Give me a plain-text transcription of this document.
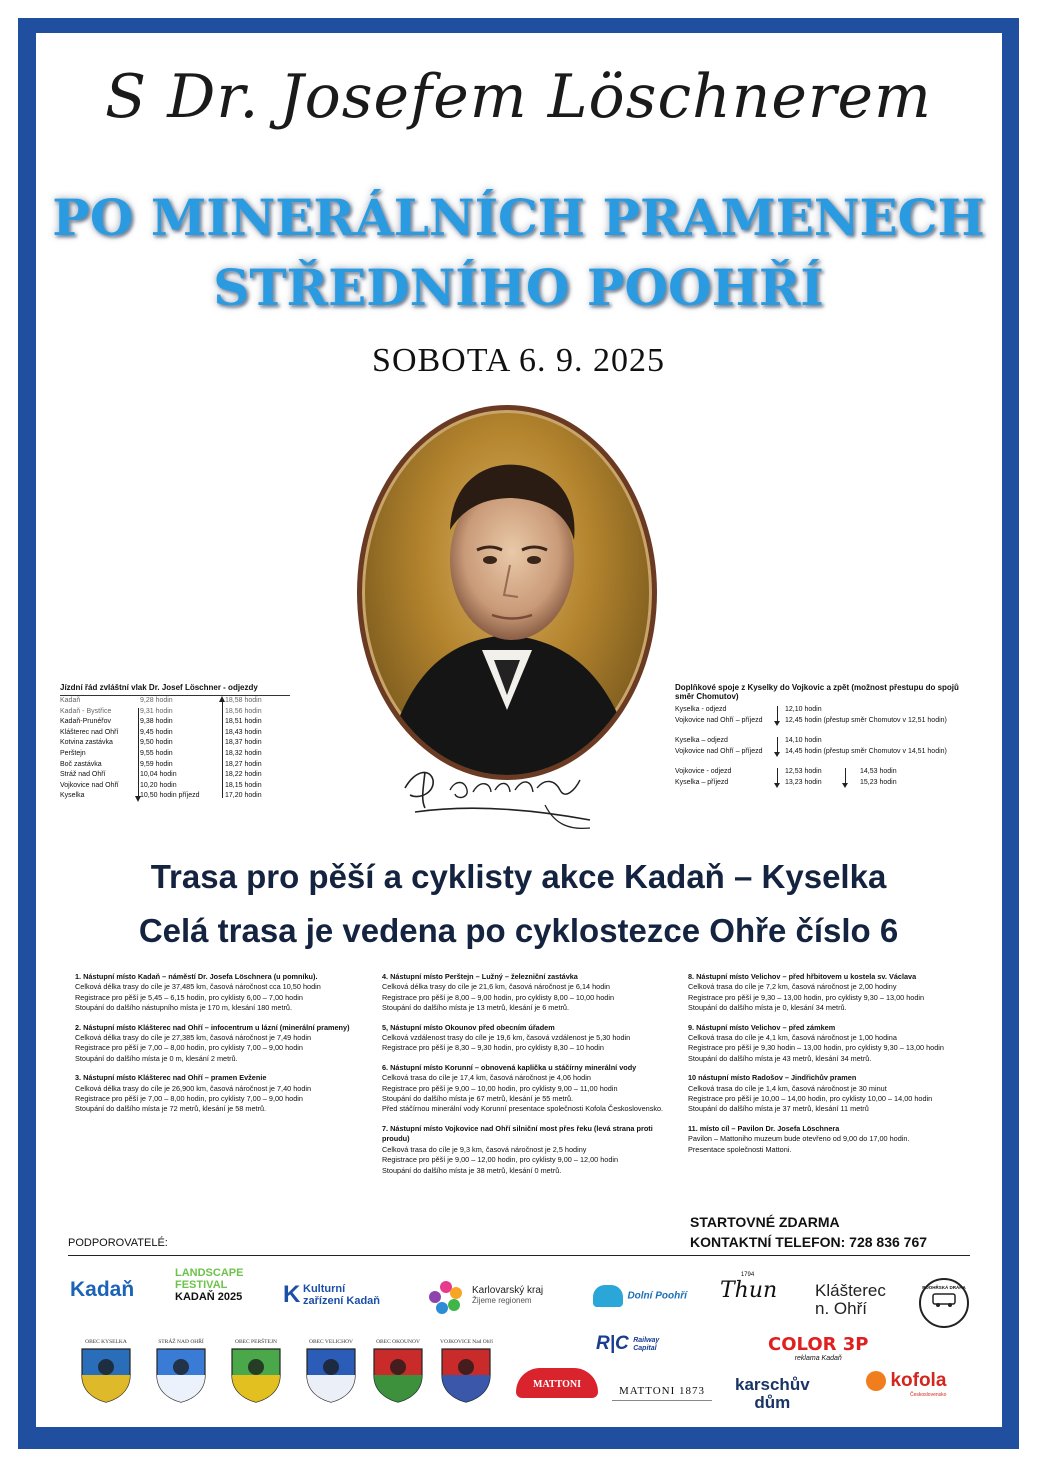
S Dr. Josefem Löschnerem
PO MINERÁLNÍCH PRAMENECH
STŘEDNÍHO POOHŘÍ
SOBOTA 6. 9. 2025
Jízdní řád zvláštní vlak Dr. Josef Löschner - odjezdy
Kadaň	9,28 hodin	18,58 hodin
Kadaň - Bystřice	9,31 hodin	18,56 hodin
Kadaň-Prunéřov	9,38 hodin	18,51 hodin
Klášterec nad Ohří	9,45 hodin	18,43 hodin
Kotvina zastávka	9,50 hodin	18,37 hodin
Perštejn	9,55 hodin	18,32 hodin
Boč zastávka	9,59 hodin	18,27 hodin
Stráž nad Ohří	10,04 hodin	18,22 hodin
Vojkovice nad Ohří	10,20 hodin	18,15 hodin
Kyselka	10,50 hodin příjezd	17,20 hodin
Doplňkové spoje z Kyselky do Vojkovic a zpět (možnost přestupu do spojů směr Chomutov)
Kyselka - odjezd	12,10 hodin
Vojkovice nad Ohří – příjezd	12,45 hodin (přestup směr Chomutov v 12,51 hodin)
Kyselka – odjezd	14,10 hodin
Vojkovice nad Ohří – příjezd	14,45 hodin (přestup směr Chomutov v 14,51 hodin)
Vojkovice - odjezd	12,53 hodin	14,53 hodin
Kyselka – příjezd	13,23 hodin	15,23 hodin
Trasa pro pěší a cyklisty akce Kadaň – Kyselka
Celá trasa je vedena po cyklostezce Ohře číslo 6
1. Nástupní místo Kadaň – náměstí Dr. Josefa Löschnera (u pomníku).
Celková délka trasy do cíle je 37,485 km, časová náročnost cca 10,50 hodin
Registrace pro pěší je 5,45 – 6,15 hodin, pro cyklisty 6,00 – 7,00 hodin
Stoupání do dalšího nástupního místa je 170 m, klesání 180 metrů.
2. Nástupní místo Klášterec nad Ohří – infocentrum u lázní (minerální prameny)
Celková délka trasy do cíle je 27,385 km, časová náročnost je 7,49 hodin
Registrace pro pěší je 7,00 – 8,00 hodin, pro cyklisty 7,00 – 9,00 hodin
Stoupání do dalšího místa je 0 m, klesání 2 metrů.
3. Nástupní místo Klášterec nad Ohří – pramen Evženie
Celková délka trasy do cíle je 26,900 km, časová náročnost je 7,40 hodin
Registrace pro pěší je 7,00 – 8,00 hodin, pro cyklisty 7,00 – 9,00 hodin
Stoupání do dalšího místa je 72 metrů, klesání je 58 metrů.
4. Nástupní místo Perštejn – Lužný – železniční zastávka
Celková délka trasy do cíle je 21,6 km, časová náročnost je 6,14 hodin
Registrace pro pěší je 8,00 – 9,00 hodin, pro cyklisty 8,00 – 10,00 hodin
Stoupání do dalšího místa je 13 metrů, klesání je 6 metrů.
5, Nástupní místo Okounov před obecním úřadem
Celková vzdálenost trasy do cíle je 19,6 km, časová vzdálenost je 5,30 hodin
Registrace pro pěší je 8,30 – 9,30 hodin, pro cyklisty 8,30 – 10 hodin
6. Nástupní místo Korunní – obnovená kaplička u stáčírny minerální vody
Celková trasa do cíle je 17,4 km, časová náročnost je 4,06 hodin
Registrace pro pěší je 9,00 – 10,00 hodin, pro cyklisty 9,00 – 11,00 hodin
Stoupání do dalšího místa je 67 metrů, klesání je 55 metrů.
Před stáčírnou minerální vody Korunní presentace společnosti Kofola Československo.
7. Nástupní místo Vojkovice nad Ohří silniční most přes řeku (levá strana proti proudu)
Celková trasa do cíle je 9,3 km, časová náročnost je 2,5 hodiny
Registrace pro pěší je 9,00 – 12,00 hodin, pro cyklisty 9,00 – 12,00 hodin
Stoupání do dalšího místa je 38 metrů, klesání 0 metrů.
8. Nástupní místo Velichov – před hřbitovem u kostela sv. Václava
Celková trasa do cíle je 7,2 km, časová náročnost je 2,00 hodiny
Registrace pro pěší je 9,30 – 13,00 hodin, pro cyklisty 9,30 – 13,00 hodin
Stoupání do dalšího místa je 0, klesání 34 metrů.
9. Nástupní místo Velichov – před zámkem
Celková trasa do cíle je 4,1 km, časová náročnost je 1,00 hodina
Registrace pro pěší je 9,30 hodin – 13,00 hodin, pro cyklisty 9,30 – 13,00 hodin
Stoupání do dalšího místa je 43 metrů, klesání 34 metrů.
10 nástupní místo Radošov – Jindřichův pramen
Celková trasa do cíle je 1,4 km, časová náročnost je 30 minut
Registrace pro pěší je 10,00 – 14,00 hodin, pro cyklisty 10,00 – 14,00 hodin
Stoupání do dalšího místa je 37 metrů, klesání 11 metrů
11. místo cíl – Pavilon Dr. Josefa Löschnera
Pavilon – Mattoniho muzeum bude otevřeno od 9,00 do 17,00 hodin.
Presentace společnosti Mattoni.
STARTOVNÉ ZDARMA
KONTAKTNÍ TELEFON: 728 836 767
PODPOROVATELÉ:
Kadaň
LANDSCAPE
FESTIVAL
KADAŇ 2025 K Kulturní
zařízení Kadaň
Karlovarský kraj
Žijeme regionem	Dolní Poohří
1794
Thun Klášterec
n. Ohří
POOHŘSKÁ DRÁHA
R|C Railway Capital	COLOR 3P
reklama Kadaň
MATTONI
MATTONI 1873	karschův
dům
kofola
Československo
OBEC KYSELKA	STRÁŽ NAD OHŘÍ	OBEC PERŠTEJN	OBEC VELICHOV	OBEC OKOUNOV	VOJKOVICE Nad Ohří
